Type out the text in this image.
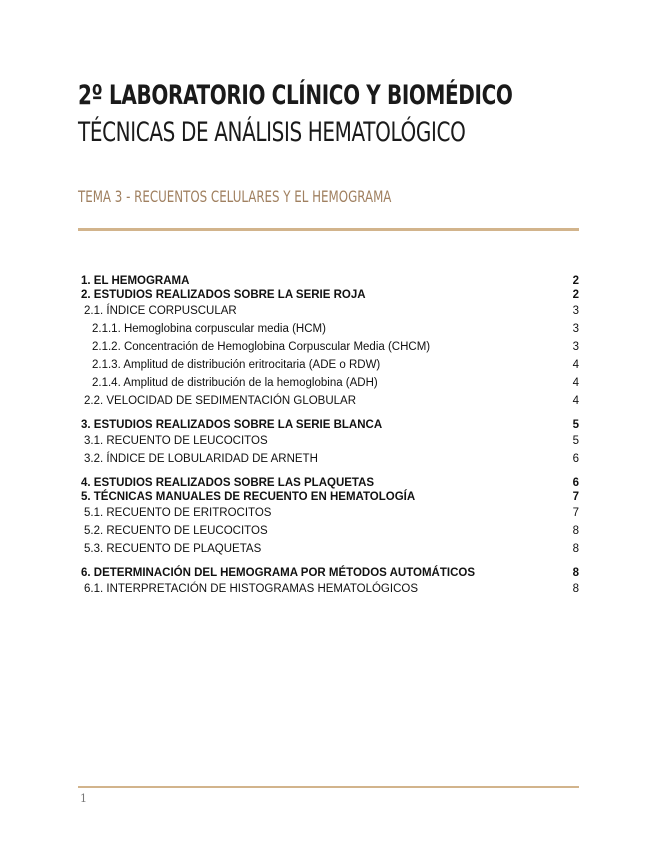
2º LABORATORIO CLÍNICO Y BIOMÉDICO
TÉCNICAS DE ANÁLISIS HEMATOLÓGICO
TEMA 3 - RECUENTOS CELULARES Y EL HEMOGRAMA
1. EL HEMOGRAMA	2
2. ESTUDIOS REALIZADOS SOBRE LA SERIE ROJA	2
2.1. ÍNDICE CORPUSCULAR	3
2.1.1. Hemoglobina corpuscular media (HCM)	3
2.1.2. Concentración de Hemoglobina Corpuscular Media (CHCM)	3
2.1.3. Amplitud de distribución eritrocitaria (ADE o RDW)	4
2.1.4. Amplitud de distribución de la hemoglobina (ADH)	4
2.2. VELOCIDAD DE SEDIMENTACIÓN GLOBULAR	4
3. ESTUDIOS REALIZADOS SOBRE LA SERIE BLANCA	5
3.1. RECUENTO DE LEUCOCITOS	5
3.2. ÍNDICE DE LOBULARIDAD DE ARNETH	6
4. ESTUDIOS REALIZADOS SOBRE LAS PLAQUETAS	6
5. TÉCNICAS MANUALES DE RECUENTO EN HEMATOLOGÍA	7
5.1. RECUENTO DE ERITROCITOS	7
5.2. RECUENTO DE LEUCOCITOS	8
5.3. RECUENTO DE PLAQUETAS	8
6. DETERMINACIÓN DEL HEMOGRAMA POR MÉTODOS AUTOMÁTICOS	8
6.1. INTERPRETACIÓN DE HISTOGRAMAS HEMATOLÓGICOS	8
1
